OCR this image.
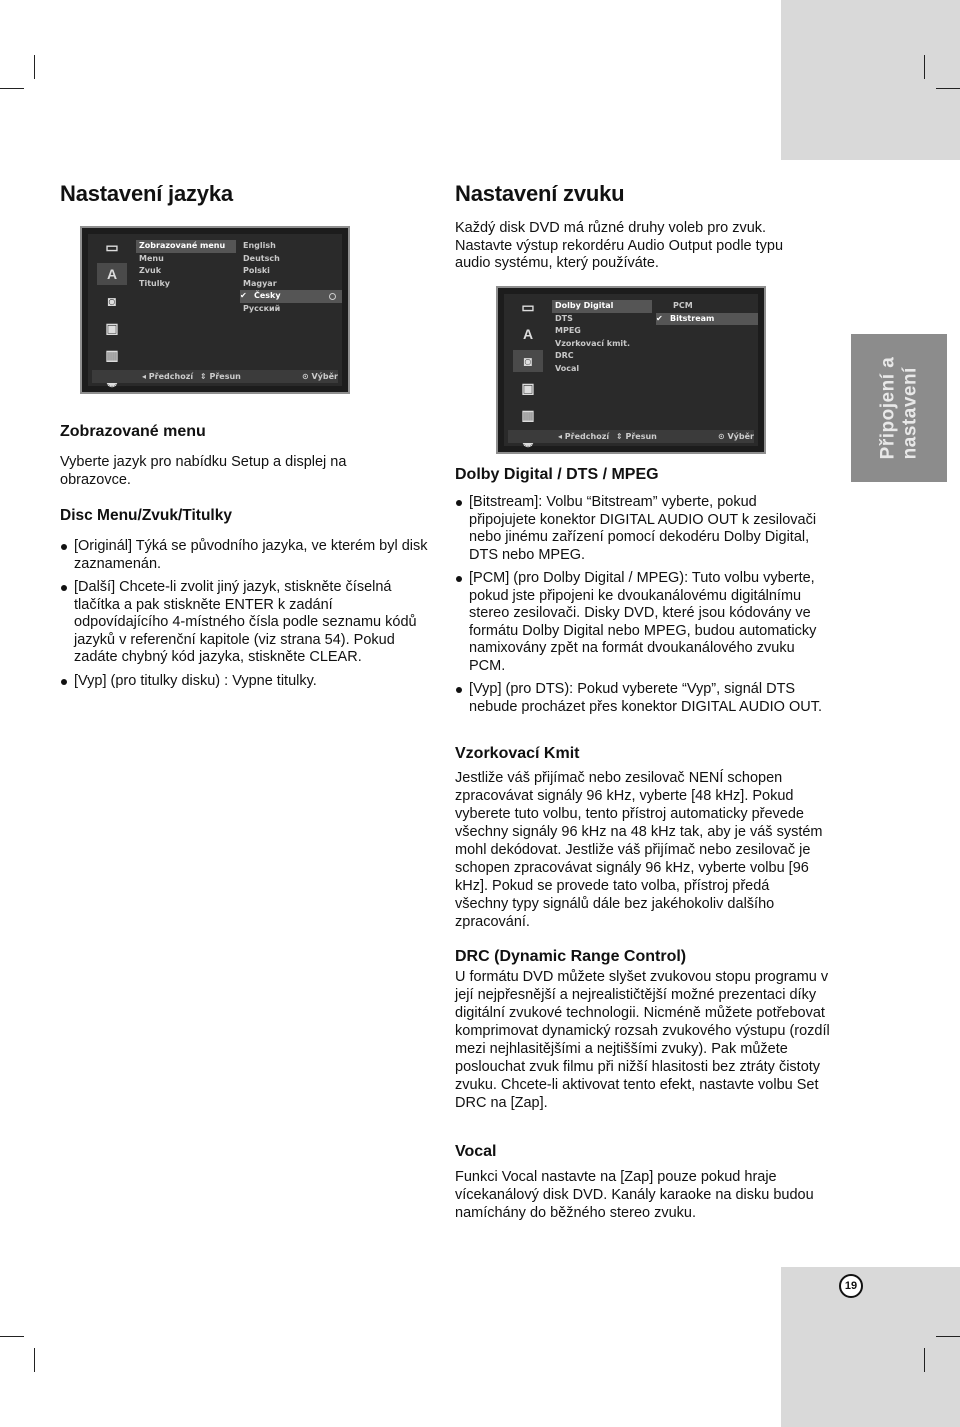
Připojení a
nastavení
19
Nastavení jazyka
▭
A
◙
▣
▥
Zobrazované menu
Menu
Zvuk
Titulky
English
Deutsch
Polski
Magyar
✔ Česky
Русский
◂ Předchozí ⇕ Přesun	⊙ Výběr
Zobrazované menu
Vyberte jazyk pro nabídku Setup a displej na obrazovce.
Disc Menu/Zvuk/Titulky
[Originál] Týká se původního jazyka, ve kterém byl disk zaznamenán.
[Další] Chcete-li zvolit jiný jazyk, stiskněte číselná tlačítka a pak stiskněte ENTER k zadání odpovídajícího 4-místného čísla podle seznamu kódů jazyků v referenční kapitole (viz strana 54). Pokud zadáte chybný kód jazyka, stiskněte CLEAR.
[Vyp] (pro titulky disku) : Vypne titulky.
Nastavení zvuku
Každý disk DVD má různé druhy voleb pro zvuk. Nastavte výstup rekordéru Audio Output podle typu audio systému, který používáte.
▭
A
◙
▣
▥
Dolby Digital
DTS
MPEG
Vzorkovací kmit.
DRC
Vocal
PCM
✔ Bitstream
◂ Předchozí ⇕ Přesun	⊙ Výběr
Dolby Digital / DTS / MPEG
[Bitstream]: Volbu “Bitstream” vyberte, pokud připojujete konektor DIGITAL AUDIO OUT k zesilovači nebo jinému zařízení pomocí dekodéru Dolby Digital, DTS nebo MPEG.
[PCM] (pro Dolby Digital / MPEG): Tuto volbu vyberte, pokud jste připojeni ke dvoukanálovému digitálnímu stereo zesilovači. Disky DVD, které jsou kódovány ve formátu Dolby Digital nebo MPEG, budou automaticky namixovány zpět na formát dvoukanálového zvuku PCM.
[Vyp] (pro DTS): Pokud vyberete “Vyp”, signál DTS nebude procházet přes konektor DIGITAL AUDIO OUT.
Vzorkovací Kmit
Jestliže váš přijímač nebo zesilovač NENÍ schopen zpracovávat signály 96 kHz, vyberte [48 kHz]. Pokud vyberete tuto volbu, tento přístroj automaticky převede všechny signály 96 kHz na 48 kHz tak, aby je váš systém mohl dekódovat. Jestliže váš přijímač nebo zesilovač je schopen zpracovávat signály 96 kHz, vyberte volbu [96 kHz]. Pokud se provede tato volba, přístroj předá všechny typy signálů dále bez jakéhokoliv dalšího zpracování.
DRC (Dynamic Range Control)
U formátu DVD můžete slyšet zvukovou stopu programu v její nejpřesnější a nejrealističtější možné prezentaci díky digitální zvukové technologii. Nicméně můžete potřebovat komprimovat dynamický rozsah zvukového výstupu (rozdíl mezi nejhlasitějšími a nejtiššími zvuky). Pak můžete poslouchat zvuk filmu při nižší hlasitosti bez ztráty čistoty zvuku. Chcete-li aktivovat tento efekt, nastavte volbu Set DRC na [Zap].
Vocal
Funkci Vocal nastavte na [Zap] pouze pokud hraje vícekanálový disk DVD. Kanály karaoke na disku budou namíchány do běžného stereo zvuku.
